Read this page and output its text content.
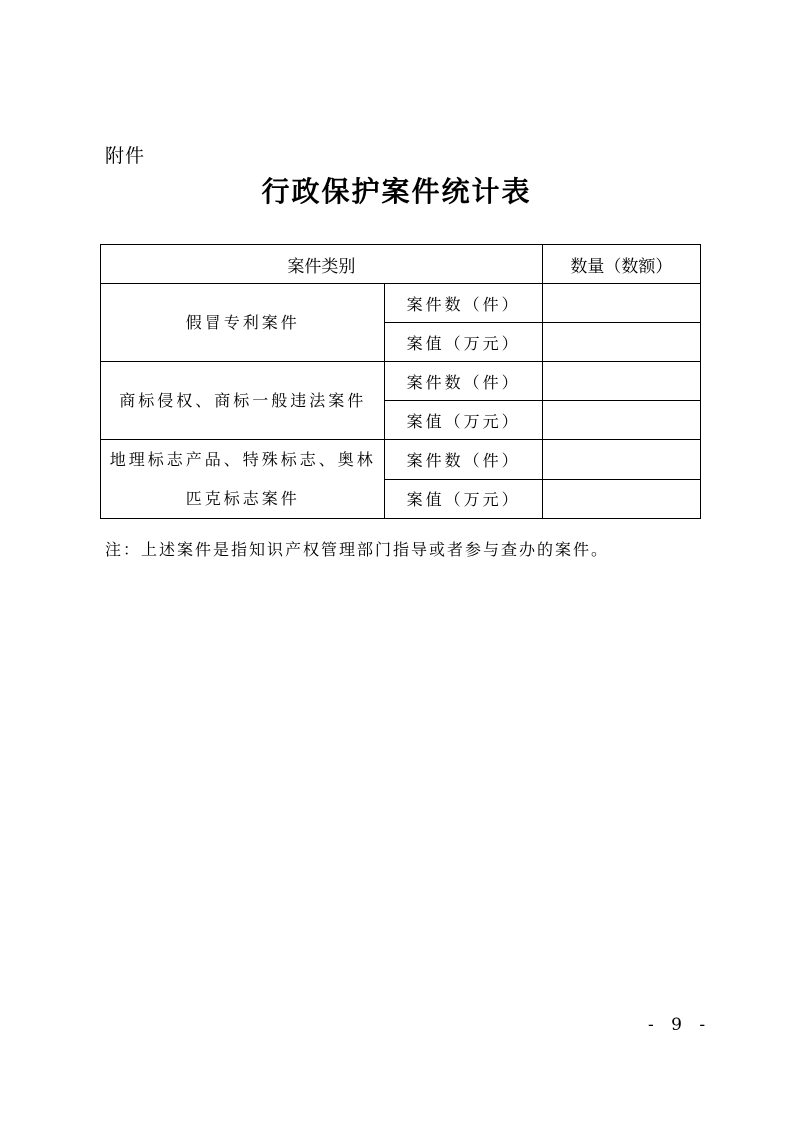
附件
行政保护案件统计表
案件类别		数量（数额）
假冒专利案件	案件数（件）	
	案值（万元）	
商标侵权、商标一般违法案件	案件数（件）	
	案值（万元）	
地理标志产品、特殊标志、奥林匹克标志案件	案件数（件）	
	案值（万元）	
注：上述案件是指知识产权管理部门指导或者参与查办的案件。
- 9 -
